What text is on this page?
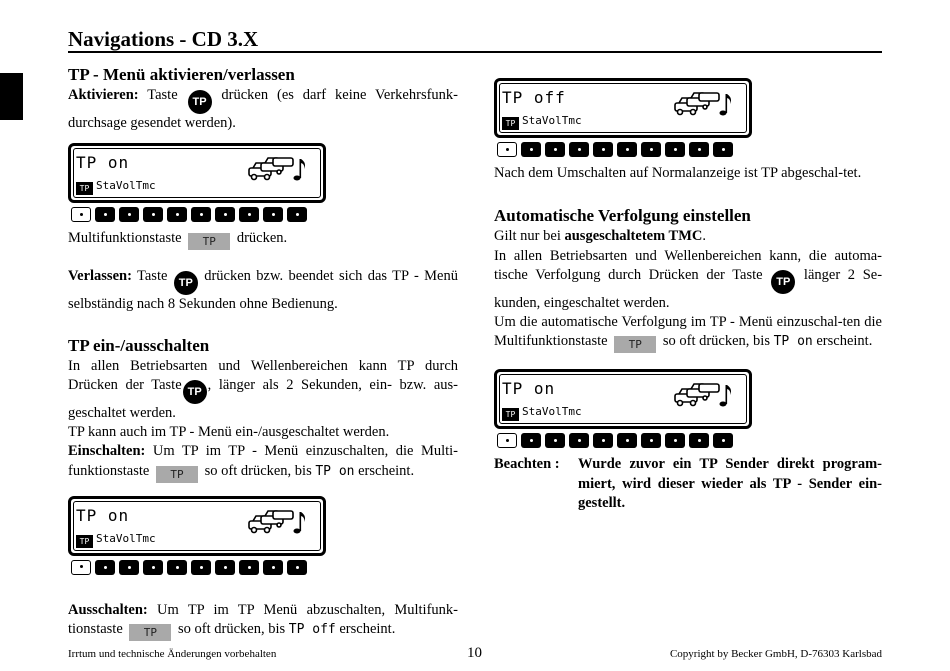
Navigations - CD 3.X
TP - Menü aktivieren/verlassen

Aktivieren: Taste TP drücken (es darf keine Verkehrsfunk-durchsage gesendet werden).

TP on
TP StaVolTmc

Multifunktionstaste TP drücken.

Verlassen: Taste TP drücken bzw. beendet sich das TP - Menü selbständig nach 8 Sekunden ohne Bedienung.

TP ein-/ausschalten

In allen Betriebsarten und Wellenbereichen kann TP durch Drücken der Taste TP , länger als 2 Sekunden, ein- bzw. aus-geschaltet werden.

TP kann auch im TP - Menü ein-/ausgeschaltet werden.

Einschalten: Um TP im TP - Menü einzuschalten, die Multi-funktionstaste TP so oft drücken, bis TP on erscheint.

TP on
TP StaVolTmc

Ausschalten: Um TP im TP Menü abzuschalten, Multifunk-tionstaste TP so oft drücken, bis TP off erscheint.

TP off
TP StaVolTmc

Nach dem Umschalten auf Normalanzeige ist TP abgeschal-tet.

Automatische Verfolgung einstellen

Gilt nur bei ausgeschaltetem TMC.

In allen Betriebsarten und Wellenbereichen kann, die automa-tische Verfolgung durch Drücken der Taste TP länger 2 Se-kunden, eingeschaltet werden.

Um die automatische Verfolgung im TP - Menü einzuschal-ten die Multifunktionstaste TP so oft drücken, bis TP on erscheint.

TP on
TP StaVolTmc
Beachten :	Wurde zuvor ein TP Sender direkt program-miert, wird dieser wieder als TP - Sender ein-gestellt.
Irrtum und technische Änderungen vorbehalten	10	Copyright by Becker GmbH, D-76303 Karlsbad
